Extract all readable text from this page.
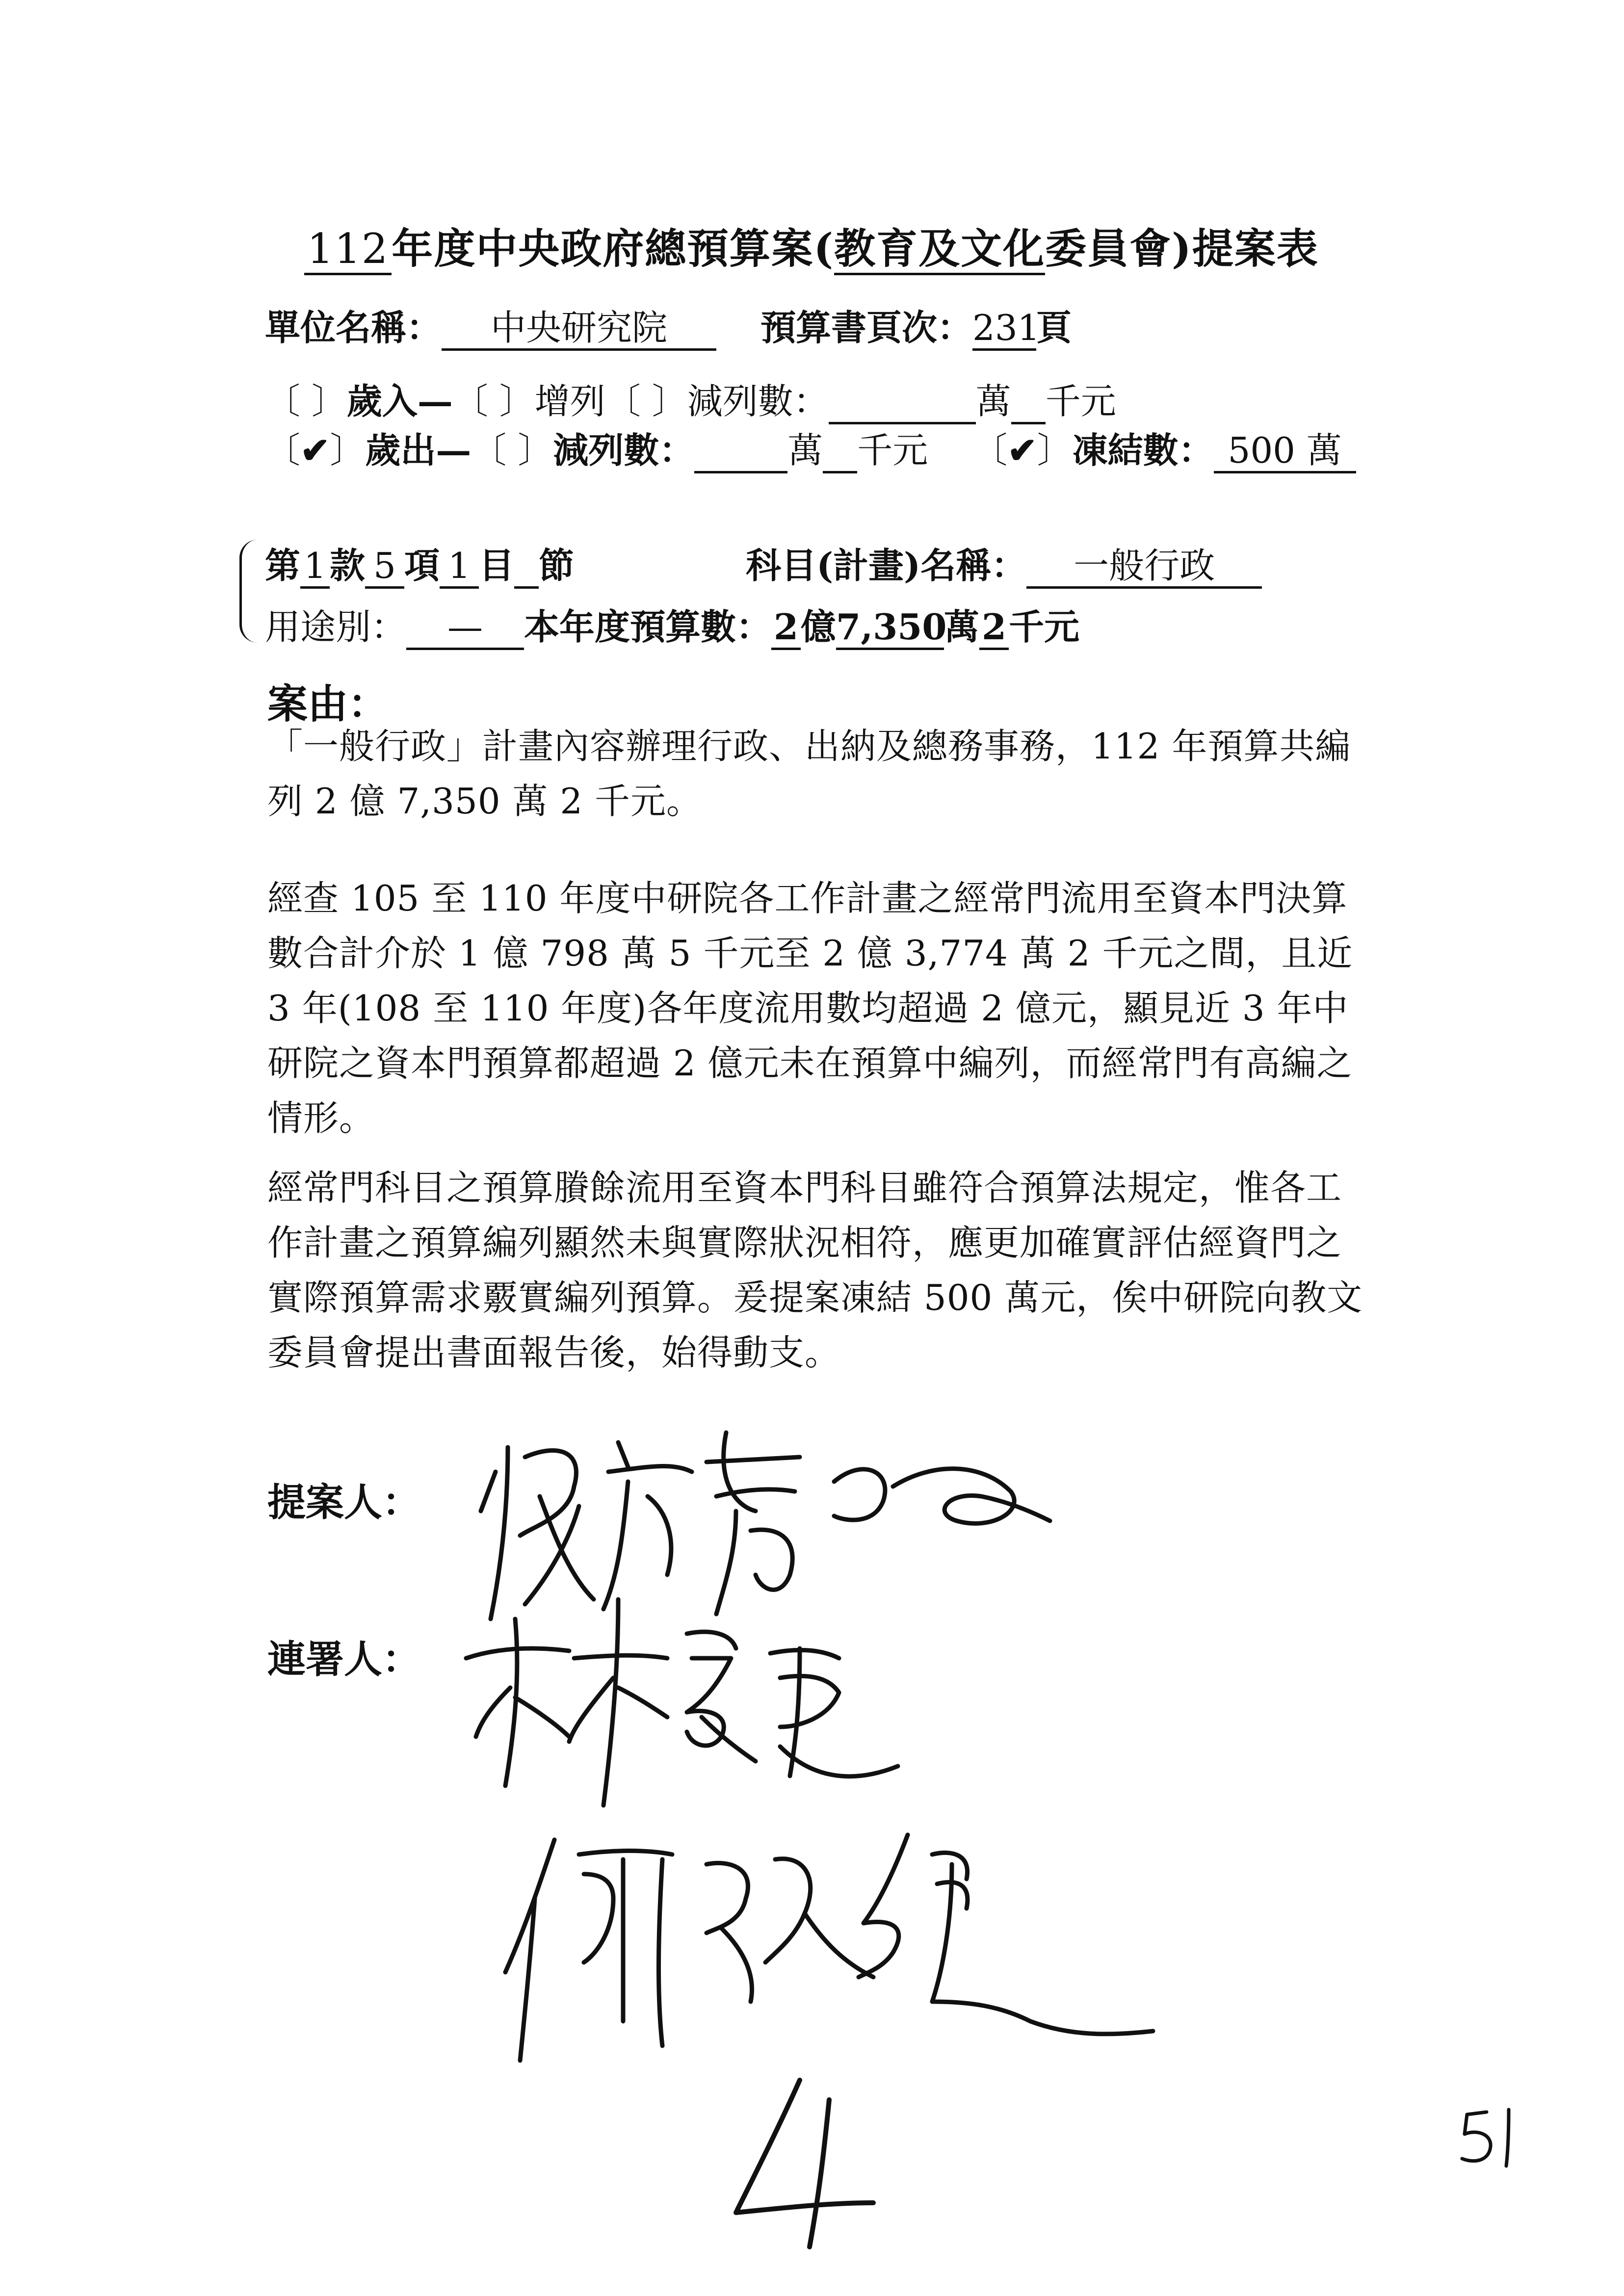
112年度中央政府總預算案(教育及文化委員會)提案表
單位名稱： 中央研究院	預算書頁次：231頁
〔 〕歲入—〔 〕增列〔 〕減列數：	萬 千元
〔✔〕歲出—〔 〕減列數：	萬 千元 〔✔〕凍結數： 500 萬
第1款 5 項 1 目 節	科目(計畫)名稱： 一般行政
用途別： — 本年度預算數：2億7,350萬2千元
案由：
「一般行政」計畫內容辦理行政、出納及總務事務，112 年預算共編列 2 億 7,350 萬 2 千元。
經查 105 至 110 年度中研院各工作計畫之經常門流用至資本門決算數合計介於 1 億 798 萬 5 千元至 2 億 3,774 萬 2 千元之間，且近 3 年(108 至 110 年度)各年度流用數均超過 2 億元，顯見近 3 年中研院之資本門預算都超過 2 億元未在預算中編列，而經常門有高編之情形。
經常門科目之預算賸餘流用至資本門科目雖符合預算法規定，惟各工作計畫之預算編列顯然未與實際狀況相符，應更加確實評估經資門之實際預算需求覈實編列預算。爰提案凍結 500 萬元，俟中研院向教文委員會提出書面報告後，始得動支。
提案人：
連署人：
